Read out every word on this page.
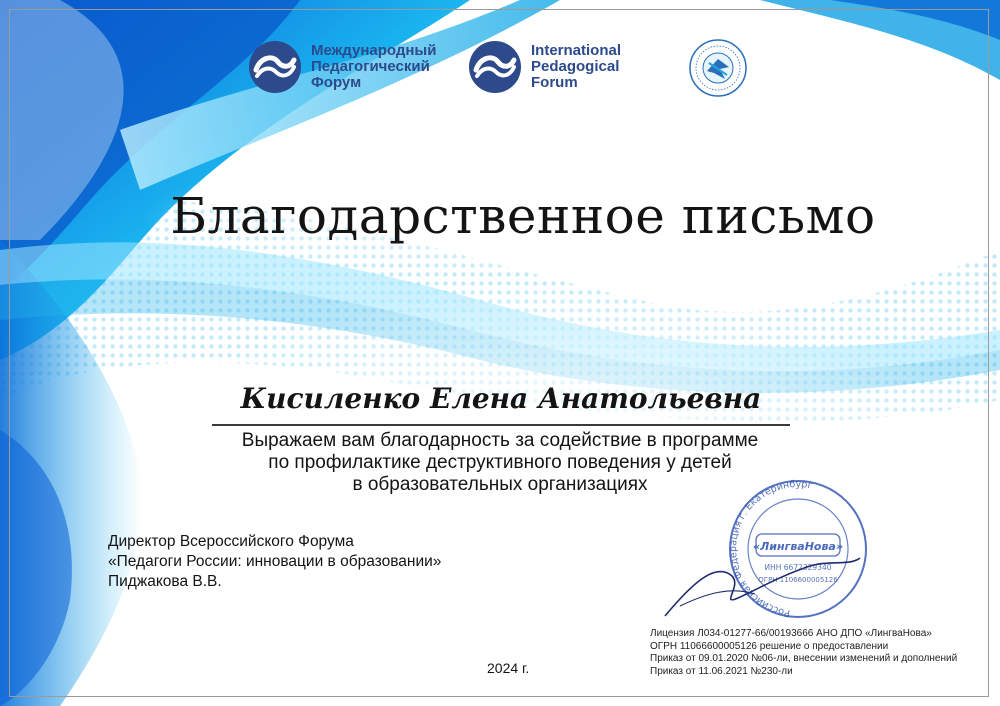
Международный
Педагогический
Форум
International
Pedagogical
Forum
Благодарственное письмо
Кисиленко Елена Анатольевна
Выражаем вам благодарность за содействие в программе
по профилактике деструктивного поведения у детей
в образовательных организациях
Директор Всероссийского Форума
«Педагоги России: инновации в образовании»
Пиджакова В.В.
Российская Федерация г. Екатеринбург
«ЛингваНова»
ИНН 6672329340
ОГРН 1106600005126
2024 г.
Лицензия Л034-01277-66/00193666 АНО ДПО «ЛингваНова»
ОГРН 11066600005126 решение о предоставлении
Приказ от 09.01.2020 №06-ли, внесении изменений и дополнений
Приказ от 11.06.2021 №230-ли
